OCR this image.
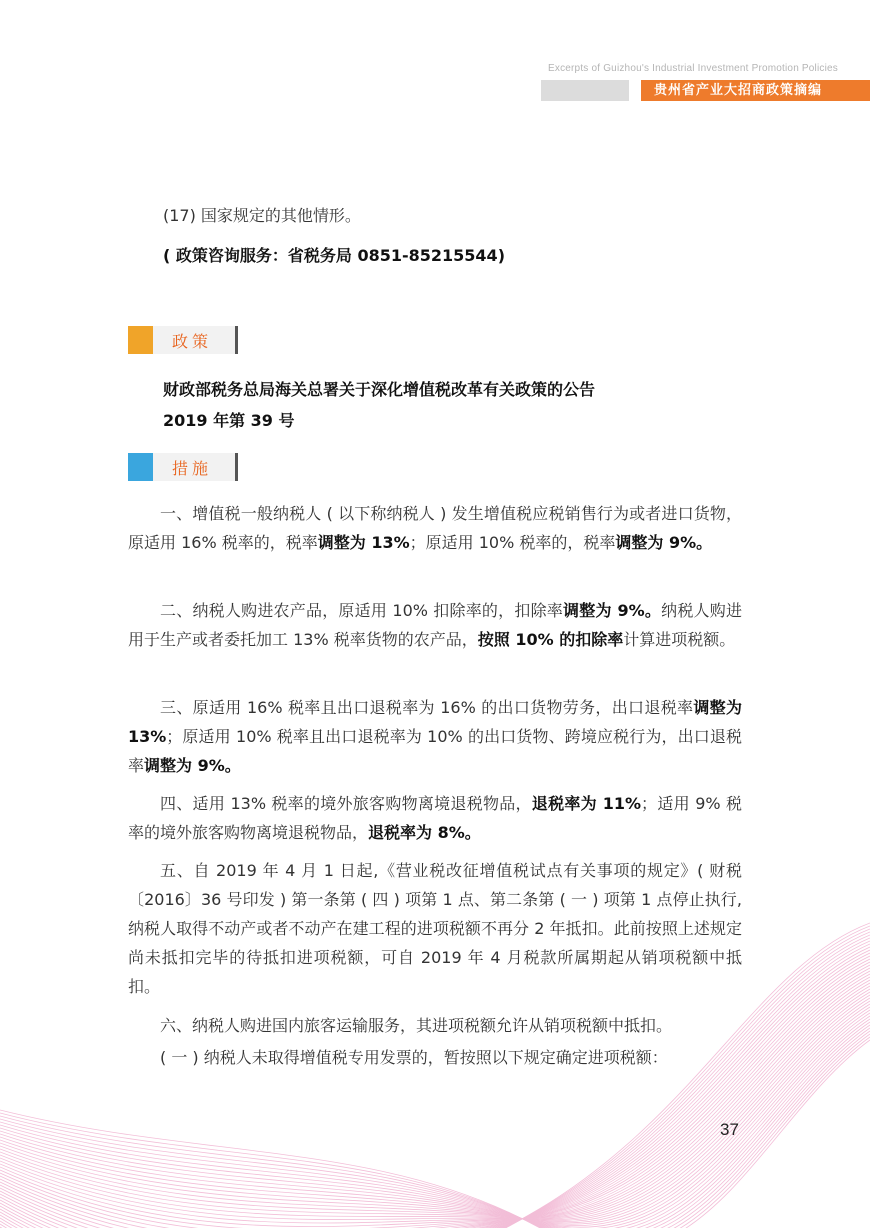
Excerpts of Guizhou's Industrial Investment Promotion Policies
贵州省产业大招商政策摘编
(17) 国家规定的其他情形。
( 政策咨询服务：省税务局 0851-85215544)
政策
财政部税务总局海关总署关于深化增值税改革有关政策的公告
2019 年第 39 号
措施
一、增值税一般纳税人 ( 以下称纳税人 ) 发生增值税应税销售行为或者进口货物，原适用 16% 税率的，税率调整为 13%；原适用 10% 税率的，税率调整为 9%。
二、纳税人购进农产品，原适用 10% 扣除率的，扣除率调整为 9%。纳税人购进用于生产或者委托加工 13% 税率货物的农产品，按照 10% 的扣除率计算进项税额。
三、原适用 16% 税率且出口退税率为 16% 的出口货物劳务，出口退税率调整为 13%；原适用 10% 税率且出口退税率为 10% 的出口货物、跨境应税行为，出口退税率调整为 9%。
四、适用 13% 税率的境外旅客购物离境退税物品，退税率为 11%；适用 9% 税率的境外旅客购物离境退税物品，退税率为 8%。
五、自 2019 年 4 月 1 日起,《营业税改征增值税试点有关事项的规定》( 财税〔2016〕36 号印发 ) 第一条第 ( 四 ) 项第 1 点、第二条第 ( 一 ) 项第 1 点停止执行, 纳税人取得不动产或者不动产在建工程的进项税额不再分 2 年抵扣。此前按照上述规定尚未抵扣完毕的待抵扣进项税额，可自 2019 年 4 月税款所属期起从销项税额中抵扣。
六、纳税人购进国内旅客运输服务，其进项税额允许从销项税额中抵扣。
( 一 ) 纳税人未取得增值税专用发票的，暂按照以下规定确定进项税额：
37
